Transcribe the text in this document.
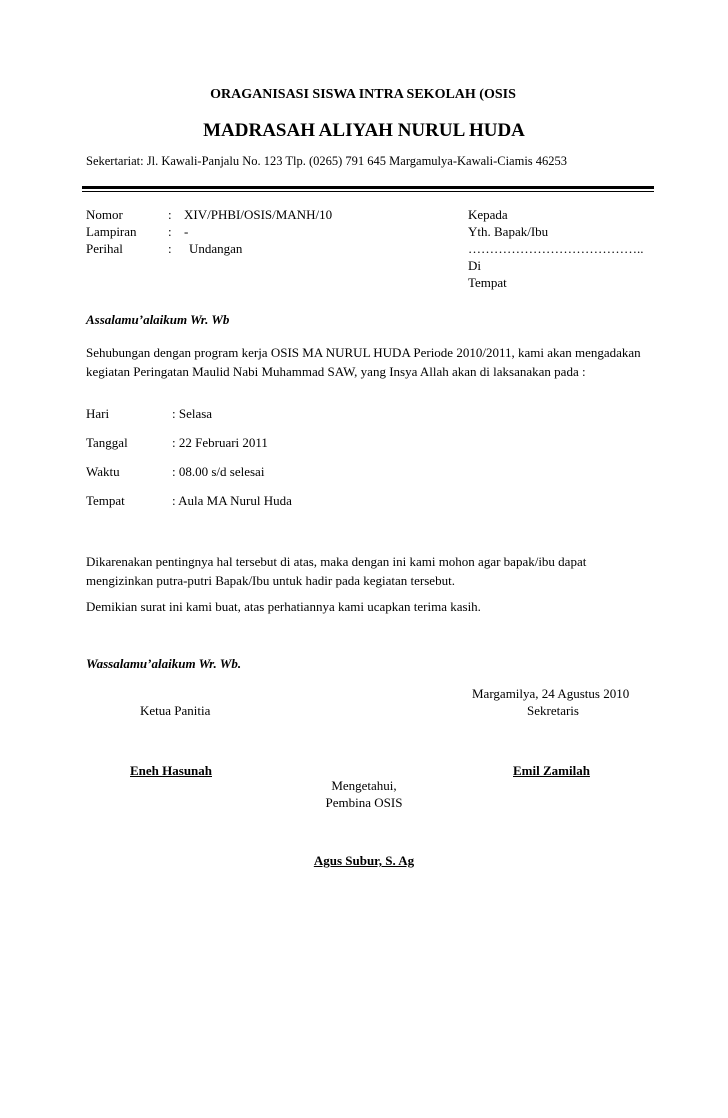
ORAGANISASI SISWA INTRA SEKOLAH (OSIS
MADRASAH ALIYAH NURUL HUDA
Sekertariat: Jl. Kawali-Panjalu No. 123 Tlp. (0265) 791 645 Margamulya-Kawali-Ciamis 46253
Nomor	: XIV/PHBI/OSIS/MANH/10
Lampiran : -
Perihal	: Undangan
Kepada
Yth. Bapak/Ibu
…………………………………..
Di
Tempat
Assalamu’alaikum Wr. Wb
Sehubungan dengan program kerja OSIS MA NURUL HUDA Periode 2010/2011, kami akan mengadakan kegiatan Peringatan Maulid Nabi Muhammad SAW, yang Insya Allah akan di laksanakan pada :
Hari	: Selasa
Tanggal	: 22 Februari 2011
Waktu	: 08.00 s/d selesai
Tempat	: Aula MA Nurul Huda
Dikarenakan pentingnya hal tersebut di atas, maka dengan ini kami mohon agar bapak/ibu dapat mengizinkan putra-putri Bapak/Ibu untuk hadir pada kegiatan tersebut.
Demikian surat ini kami buat, atas perhatiannya kami ucapkan terima kasih.
Wassalamu’alaikum Wr. Wb.
Margamilya, 24 Agustus 2010
Ketua Panitia	Sekretaris
Eneh Hasunah	Emil Zamilah
Mengetahui,
Pembina OSIS
Agus Subur, S. Ag
